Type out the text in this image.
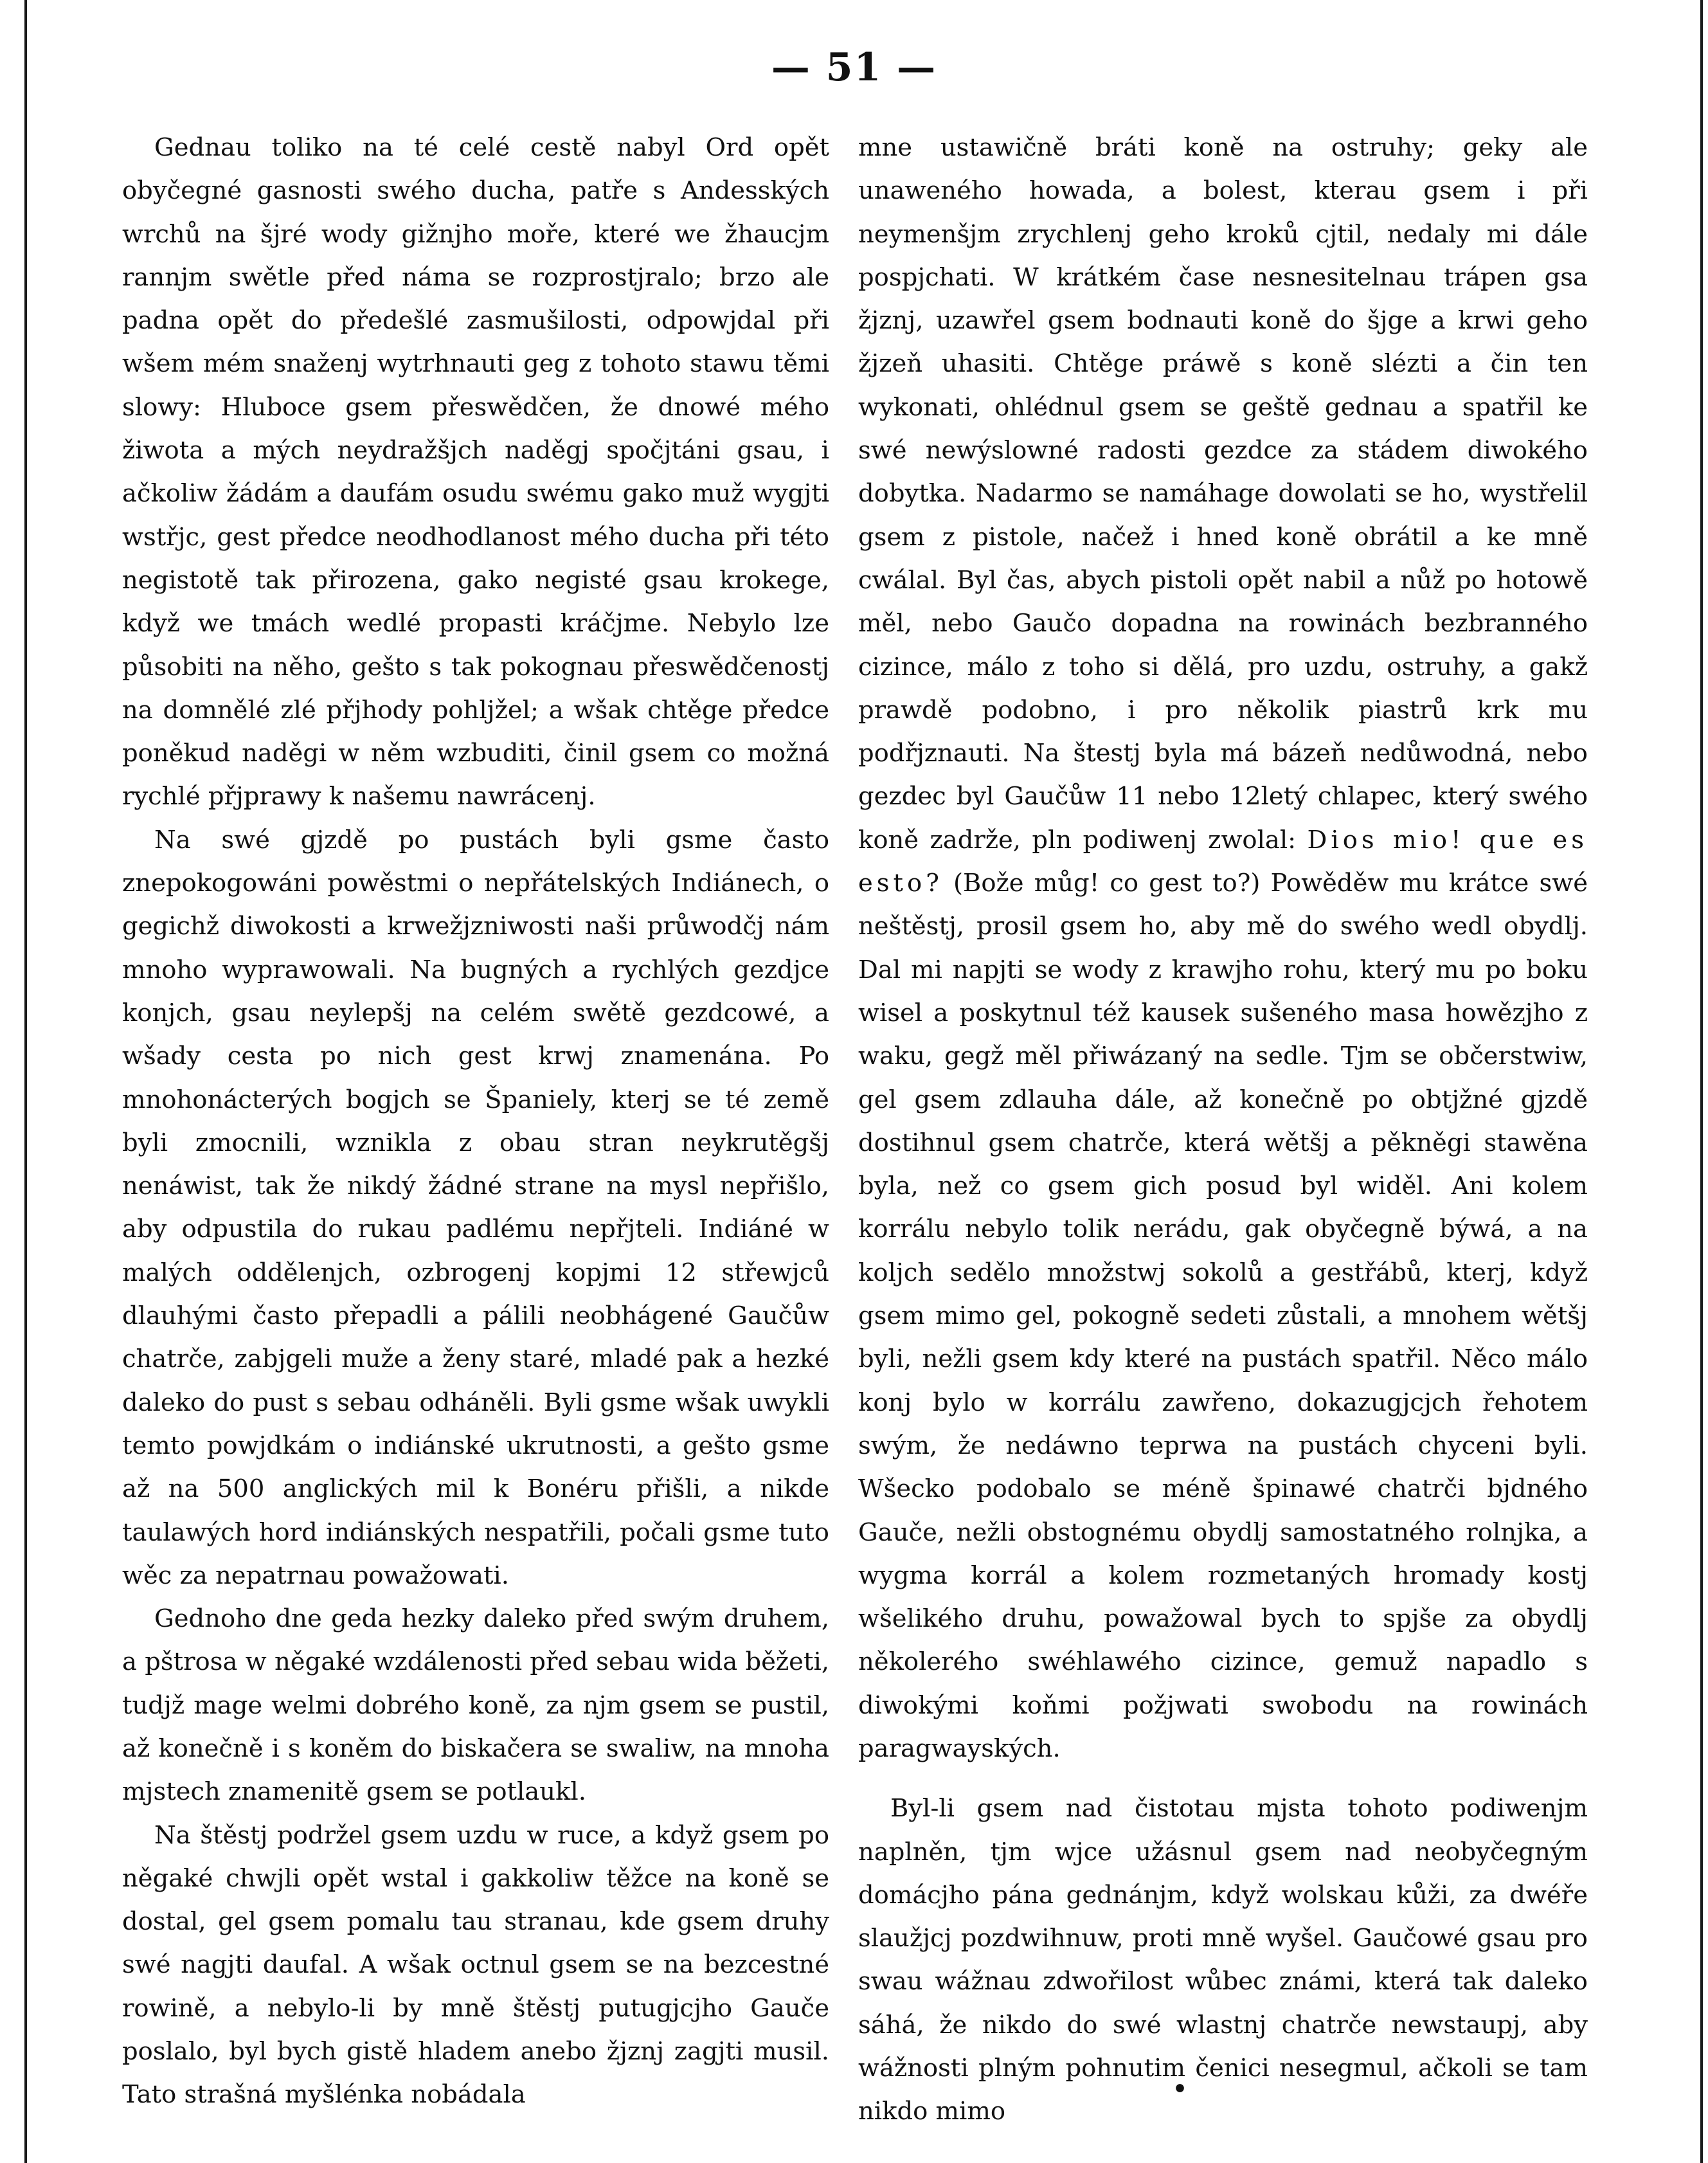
— 51 —

Gednau toliko na té celé cestě nabyl Ord opět obyčegné gasnosti swého ducha, patře s Andesských wrchů na šjré wody gižnjho moře, které we žhaucjm rannjm swětle před náma se rozprostjralo; brzo ale padna opět do předešlé zasmušilosti, odpowjdal při wšem mém snaženj wytrhnauti geg z tohoto stawu těmi slowy: Hluboce gsem přeswědčen, že dnowé mého žiwota a mých neydražšjch naděgj spočjtáni gsau, i ačkoliw žádám a daufám osudu swému gako muž wygjti wstřjc, gest předce neodhodlanost mého ducha při této negistotě tak přirozena, gako negisté gsau krokege, když we tmách wedlé propasti kráčjme. Nebylo lze působiti na něho, gešto s tak pokognau přeswědčenostj na domnělé zlé přjhody pohljžel; a wšak chtěge předce poněkud naděgi w něm wzbuditi, činil gsem co možná rychlé přjprawy k našemu nawrácenj.

Na swé gjzdě po pustách byli gsme často znepokogowáni powěstmi o nepřátelských Indiánech, o gegichž diwokosti a krwežjzniwosti naši průwodčj nám mnoho wyprawowali. Na bugných a rychlých gezdjce konjch, gsau neylepšj na celém swětě gezdcowé, a wšady cesta po nich gest krwj znamenána. Po mnohonácterých bogjch se Španiely, kterj se té země byli zmocnili, wznikla z obau stran neykrutěgšj nenáwist, tak že nikdý žádné strane na mysl nepřišlo, aby odpustila do rukau padlému nepřjteli. Indiáné w malých oddělenjch, ozbrogenj kopjmi 12 střewjců dlauhými často přepadli a pálili neobhágené Gaučůw chatrče, zabjgeli muže a ženy staré, mladé pak a hezké daleko do pust s sebau odháněli. Byli gsme wšak uwykli temto powjdkám o indiánské ukrutnosti, a gešto gsme až na 500 anglických mil k Bonéru přišli, a nikde taulawých hord indiánských nespatřili, počali gsme tuto wěc za nepatrnau powažowati.

Gednoho dne geda hezky daleko před swým druhem, a pštrosa w něgaké wzdálenosti před sebau wida běžeti, tudjž mage welmi dobrého koně, za njm gsem se pustil, až konečně i s koněm do biskačera se swaliw, na mnoha mjstech znamenitě gsem se potlaukl.

Na štěstj podržel gsem uzdu w ruce, a když gsem po něgaké chwjli opět wstal i gakkoliw těžce na koně se dostal, gel gsem pomalu tau stranau, kde gsem druhy swé nagjti daufal. A wšak octnul gsem se na bezcestné rowině, a nebylo-li by mně štěstj putugjcjho Gauče poslalo, byl bych gistě hladem anebo žjznj zagjti musil. Tato strašná myšlénka nobádala

mne ustawičně bráti koně na ostruhy; geky ale unaweného howada, a bolest, kterau gsem i při neymenšjm zrychlenj geho kroků cjtil, nedaly mi dále pospjchati. W krátkém čase nesnesitelnau trápen gsa žjznj, uzawřel gsem bodnauti koně do šjge a krwi geho žjzeň uhasiti. Chtěge práwě s koně slézti a čin ten wykonati, ohlédnul gsem se geště gednau a spatřil ke swé newýslowné radosti gezdce za stádem diwokého dobytka. Nadarmo se namáhage dowolati se ho, wystřelil gsem z pistole, načež i hned koně obrátil a ke mně cwálal. Byl čas, abych pistoli opět nabil a nůž po hotowě měl, nebo Gaučo dopadna na rowinách bezbranného cizince, málo z toho si dělá, pro uzdu, ostruhy, a gakž prawdě podobno, i pro několik piastrů krk mu podřjznauti. Na štestj byla má bázeň nedůwodná, nebo gezdec byl Gaučůw 11 nebo 12letý chlapec, který swého koně zadrže, pln podiwenj zwolal: Dios mio! que es esto? (Bože můg! co gest to?) Powěděw mu krátce swé neštěstj, prosil gsem ho, aby mě do swého wedl obydlj. Dal mi napjti se wody z krawjho rohu, který mu po boku wisel a poskytnul též kausek sušeného masa howězjho z waku, gegž měl přiwázaný na sedle. Tjm se občerstwiw, gel gsem zdlauha dále, až konečně po obtjžné gjzdě dostihnul gsem chatrče, která wětšj a pěkněgi stawěna byla, než co gsem gich posud byl widěl. Ani kolem korrálu nebylo tolik nerádu, gak obyčegně býwá, a na koljch sedělo množstwj sokolů a gestřábů, kterj, když gsem mimo gel, pokogně sedeti zůstali, a mnohem wětšj byli, nežli gsem kdy které na pustách spatřil. Něco málo konj bylo w korrálu zawřeno, dokazugjcjch řehotem swým, že nedáwno teprwa na pustách chyceni byli. Wšecko podobalo se méně špinawé chatrči bjdného Gauče, nežli obstognému obydlj samostatného rolnjka, a wygma korrál a kolem rozmetaných hromady kostj wšelikého druhu, powažowal bych to spjše za obydlj několerého swéhlawého cizince, gemuž napadlo s diwokými koňmi požjwati swobodu na rowinách paragwayských.

Byl-li gsem nad čistotau mjsta tohoto podiwenjm naplněn, tjm wjce užásnul gsem nad neobyčegným domácjho pána gednánjm, když wolskau kůži, za dwéře slaužjcj pozdwihnuw, proti mně wyšel. Gaučowé gsau pro swau wážnau zdwořilost wůbec známi, která tak daleko sáhá, že nikdo do swé wlastnj chatrče newstaupj, aby wážnosti plným pohnutim čenici nesegmul, ačkoli se tam nikdo mimo

•
